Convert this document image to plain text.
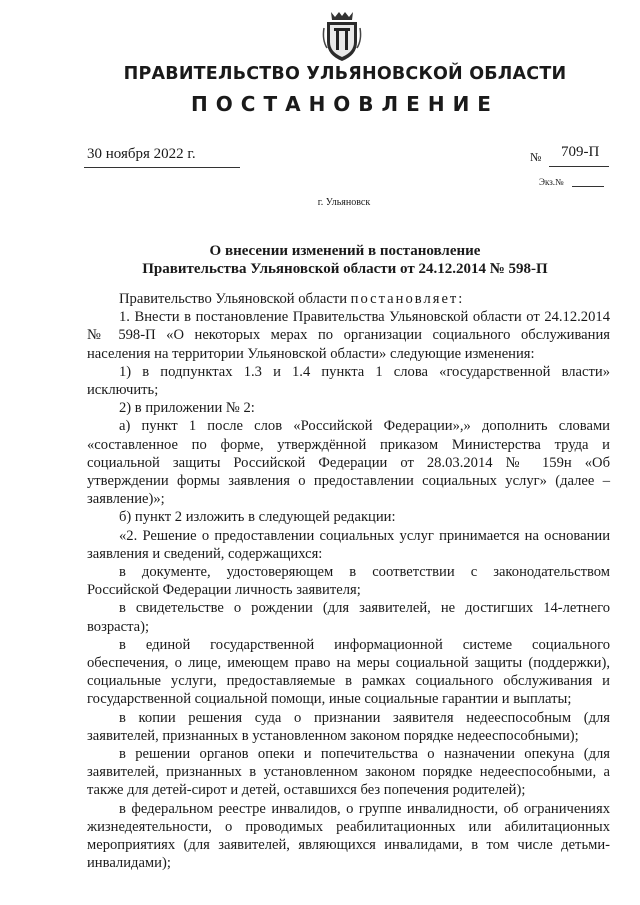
ПРАВИТЕЛЬСТВО УЛЬЯНОВСКОЙ ОБЛАСТИ
ПОСТАНОВЛЕНИЕ
30 ноября 2022 г.	№ 709-П
Экз.№
г. Ульяновск
О внесении изменений в постановление
Правительства Ульяновской области от 24.12.2014 № 598-П

Правительство Ульяновской области постановляет:

1. Внести в постановление Правительства Ульяновской области от 24.12.2014 № 598-П «О некоторых мерах по организации социального обслуживания населения на территории Ульяновской области» следующие изменения:

1) в подпунктах 1.3 и 1.4 пункта 1 слова «государственной власти» исключить;

2) в приложении № 2:

а) пункт 1 после слов «Российской Федерации»,» дополнить словами «составленное по форме, утверждённой приказом Министерства труда и социальной защиты Российской Федерации от 28.03.2014 № 159н «Об утверждении формы заявления о предоставлении социальных услуг» (далее – заявление)»;

б) пункт 2 изложить в следующей редакции:

«2. Решение о предоставлении социальных услуг принимается на основании заявления и сведений, содержащихся:

в документе, удостоверяющем в соответствии с законодательством Российской Федерации личность заявителя;

в свидетельстве о рождении (для заявителей, не достигших 14-летнего возраста);

в единой государственной информационной системе социального обеспечения, о лице, имеющем право на меры социальной защиты (поддержки), социальные услуги, предоставляемые в рамках социального обслуживания и государственной социальной помощи, иные социальные гарантии и выплаты;

в копии решения суда о признании заявителя недееспособным (для заявителей, признанных в установленном законом порядке недееспособными);

в решении органов опеки и попечительства о назначении опекуна (для заявителей, признанных в установленном законом порядке недееспособными, а также для детей-сирот и детей, оставшихся без попечения родителей);

в федеральном реестре инвалидов, о группе инвалидности, об ограничениях жизнедеятельности, о проводимых реабилитационных или абилитационных мероприятиях (для заявителей, являющихся инвалидами, в том числе детьми-инвалидами);
